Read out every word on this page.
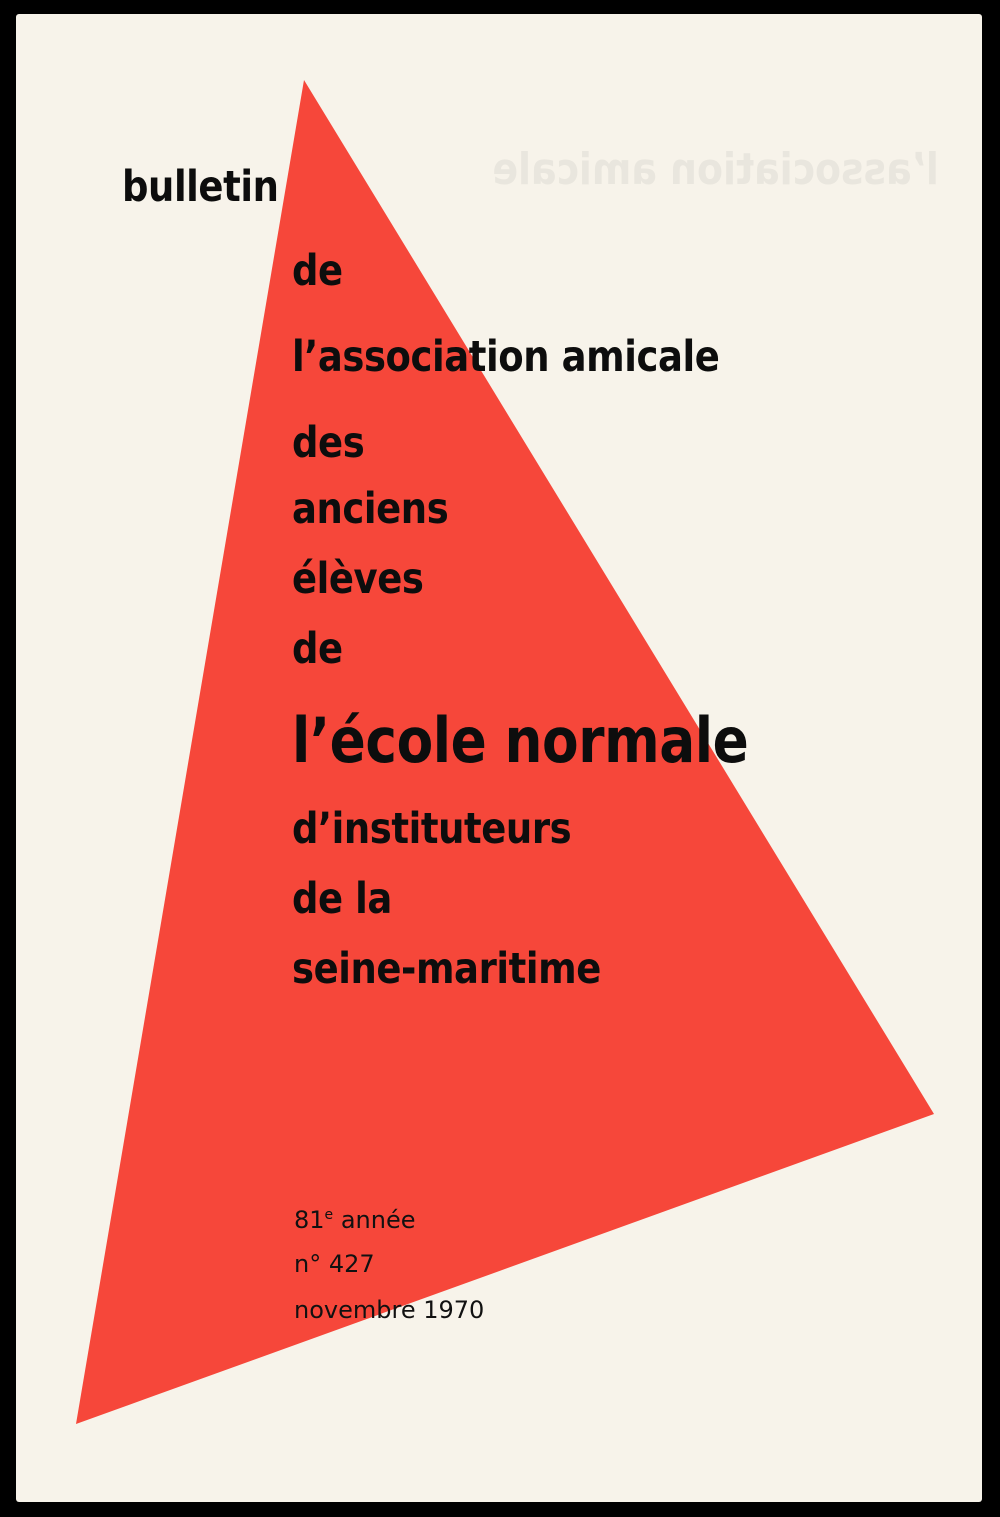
l’association amicale
bulletin
de
l’association amicale
des
anciens
élèves
de
l’école normale
d’instituteurs
de la
seine-maritime
81e année
n° 427
novembre 1970
